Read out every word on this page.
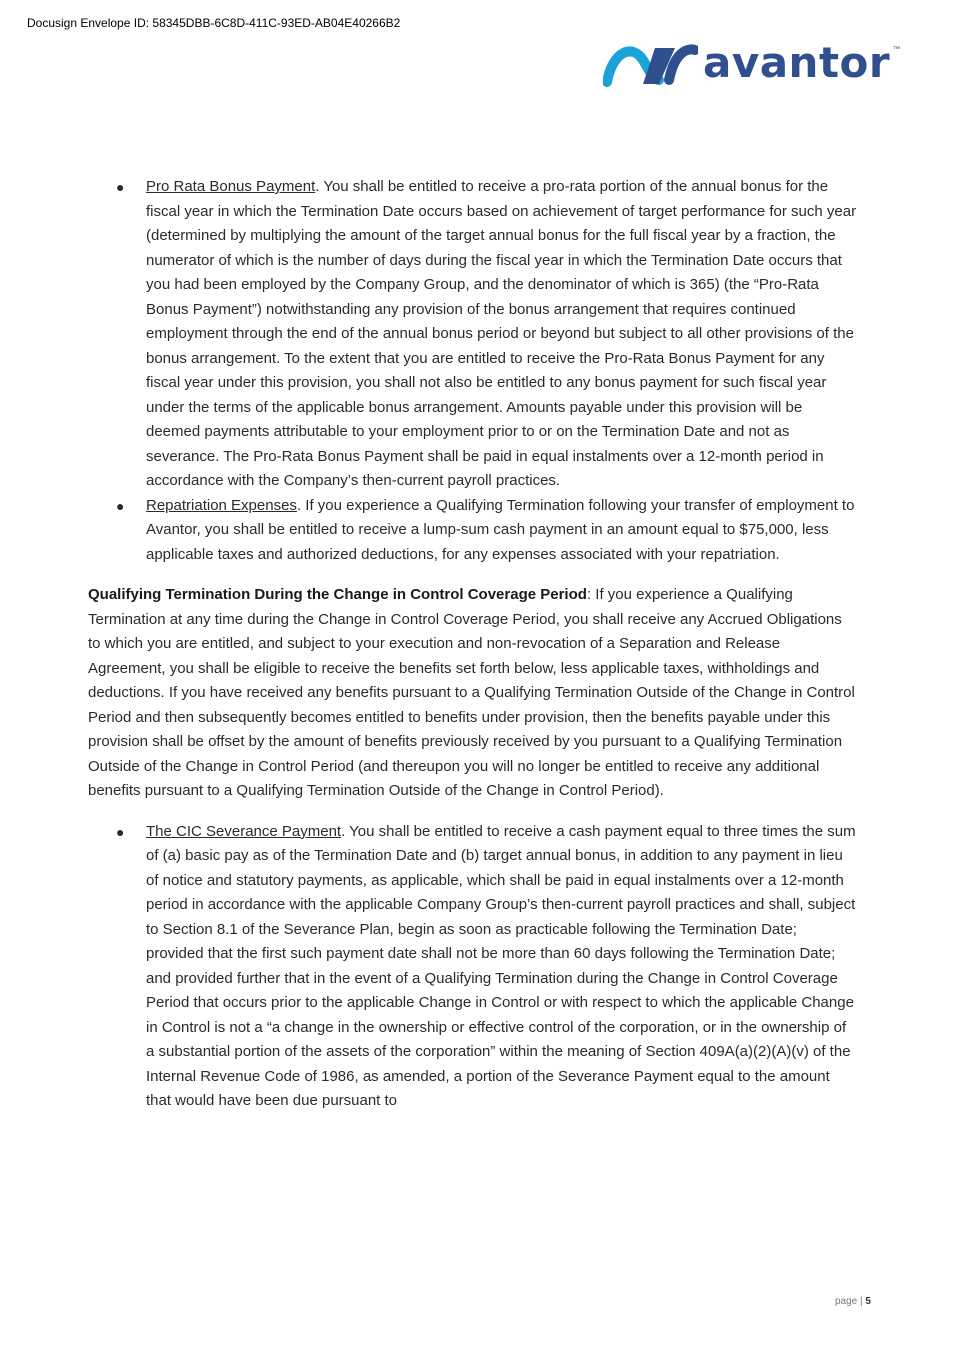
Docusign Envelope ID: 58345DBB-6C8D-411C-93ED-AB04E40266B2
avantor ™
● Pro Rata Bonus Payment. You shall be entitled to receive a pro-rata portion of the annual bonus for the fiscal year in which the Termination Date occurs based on achievement of target performance for such year (determined by multiplying the amount of the target annual bonus for the full fiscal year by a fraction, the numerator of which is the number of days during the fiscal year in which the Termination Date occurs that you had been employed by the Company Group, and the denominator of which is 365) (the “Pro-Rata Bonus Payment”) notwithstanding any provision of the bonus arrangement that requires continued employment through the end of the annual bonus period or beyond but subject to all other provisions of the bonus arrangement. To the extent that you are entitled to receive the Pro-Rata Bonus Payment for any fiscal year under this provision, you shall not also be entitled to any bonus payment for such fiscal year under the terms of the applicable bonus arrangement. Amounts payable under this provision will be deemed payments attributable to your employment prior to or on the Termination Date and not as severance. The Pro-Rata Bonus Payment shall be paid in equal instalments over a 12-month period in accordance with the Company’s then-current payroll practices.
● Repatriation Expenses. If you experience a Qualifying Termination following your transfer of employment to Avantor, you shall be entitled to receive a lump-sum cash payment in an amount equal to $75,000, less applicable taxes and authorized deductions, for any expenses associated with your repatriation.

Qualifying Termination During the Change in Control Coverage Period: If you experience a Qualifying Termination at any time during the Change in Control Coverage Period, you shall receive any Accrued Obligations to which you are entitled, and subject to your execution and non-revocation of a Separation and Release Agreement, you shall be eligible to receive the benefits set forth below, less applicable taxes, withholdings and deductions. If you have received any benefits pursuant to a Qualifying Termination Outside of the Change in Control Period and then subsequently becomes entitled to benefits under provision, then the benefits payable under this provision shall be offset by the amount of benefits previously received by you pursuant to a Qualifying Termination Outside of the Change in Control Period (and thereupon you will no longer be entitled to receive any additional benefits pursuant to a Qualifying Termination Outside of the Change in Control Period).

● The CIC Severance Payment. You shall be entitled to receive a cash payment equal to three times the sum of (a) basic pay as of the Termination Date and (b) target annual bonus, in addition to any payment in lieu of notice and statutory payments, as applicable, which shall be paid in equal instalments over a 12-month period in accordance with the applicable Company Group’s then-current payroll practices and shall, subject to Section 8.1 of the Severance Plan, begin as soon as practicable following the Termination Date; provided that the first such payment date shall not be more than 60 days following the Termination Date; and provided further that in the event of a Qualifying Termination during the Change in Control Coverage Period that occurs prior to the applicable Change in Control or with respect to which the applicable Change in Control is not a “a change in the ownership or effective control of the corporation, or in the ownership of a substantial portion of the assets of the corporation” within the meaning of Section 409A(a)(2)(A)(v) of the Internal Revenue Code of 1986, as amended, a portion of the Severance Payment equal to the amount that would have been due pursuant to
page | 5
